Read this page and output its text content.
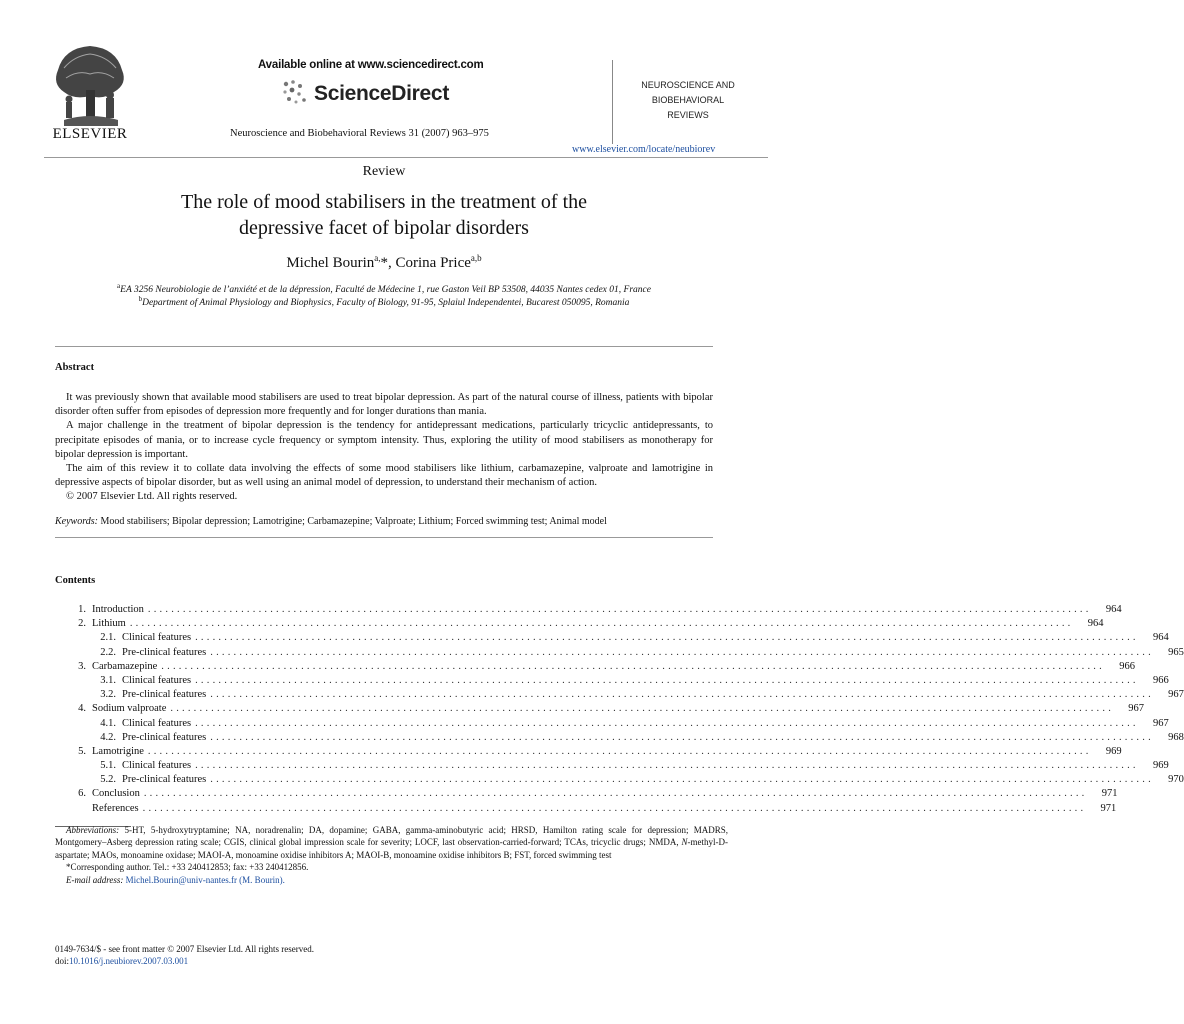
ELSEVIER
Available online at www.sciencedirect.com
ScienceDirect
Neuroscience and Biobehavioral Reviews 31 (2007) 963–975
NEUROSCIENCE AND
BIOBEHAVIORAL
REVIEWS
www.elsevier.com/locate/neubiorev
Review
The role of mood stabilisers in the treatment of the
depressive facet of bipolar disorders
Michel Bourin$^{a,}$*, Corina Price$^{a,b}$
$^a$EA 3256 Neurobiologie de l’anxiété et de la dépression, Faculté de Médecine 1, rue Gaston Veil BP 53508, 44035 Nantes cedex 01, France
$^b$Department of Animal Physiology and Biophysics, Faculty of Biology, 91-95, Splaiul Independentei, Bucarest 050095, Romania
Abstract

It was previously shown that available mood stabilisers are used to treat bipolar depression. As part of the natural course of illness, patients with bipolar disorder often suffer from episodes of depression more frequently and for longer durations than mania.

A major challenge in the treatment of bipolar depression is the tendency for antidepressant medications, particularly tricyclic antidepressants, to precipitate episodes of mania, or to increase cycle frequency or symptom intensity. Thus, exploring the utility of mood stabilisers as monotherapy for bipolar depression is important.

The aim of this review it to collate data involving the effects of some mood stabilisers like lithium, carbamazepine, valproate and lamotrigine in depressive aspects of bipolar disorder, but as well using an animal model of depression, to understand their mechanism of action.

© 2007 Elsevier Ltd. All rights reserved.

Keywords: Mood stabilisers; Bipolar depression; Lamotrigine; Carbamazepine; Valproate; Lithium; Forced swimming test; Animal model
Contents
1. Introduction ..................................................................................................................................................................	964
2. Lithium ..................................................................................................................................................................	964
2.1. Clinical features ..................................................................................................................................................................	964
2.2. Pre-clinical features ..................................................................................................................................................................	965
3. Carbamazepine ..................................................................................................................................................................	966
3.1. Clinical features ..................................................................................................................................................................	966
3.2. Pre-clinical features ..................................................................................................................................................................	967
4. Sodium valproate ..................................................................................................................................................................	967
4.1. Clinical features ..................................................................................................................................................................	967
4.2. Pre-clinical features ..................................................................................................................................................................	968
5. Lamotrigine ..................................................................................................................................................................	969
5.1. Clinical features ..................................................................................................................................................................	969
5.2. Pre-clinical features ..................................................................................................................................................................	970
6. Conclusion ..................................................................................................................................................................	971
References ..................................................................................................................................................................	971

Abbreviations: 5-HT, 5-hydroxytryptamine; NA, noradrenalin; DA, dopamine; GABA, gamma-aminobutyric acid; HRSD, Hamilton rating scale for depression; MADRS, Montgomery–Asberg depression rating scale; CGIS, clinical global impression scale for severity; LOCF, last observation-carried-forward; TCAs, tricyclic drugs; NMDA, N-methyl-D-aspartate; MAOs, monoamine oxidase; MAOI-A, monoamine oxidise inhibitors A; MAOI-B, monoamine oxidise inhibitors B; FST, forced swimming test

*Corresponding author. Tel.: +33 240412853; fax: +33 240412856.

E-mail address: Michel.Bourin@univ-nantes.fr (M. Bourin).

0149-7634/$ - see front matter © 2007 Elsevier Ltd. All rights reserved.
doi:10.1016/j.neubiorev.2007.03.001
